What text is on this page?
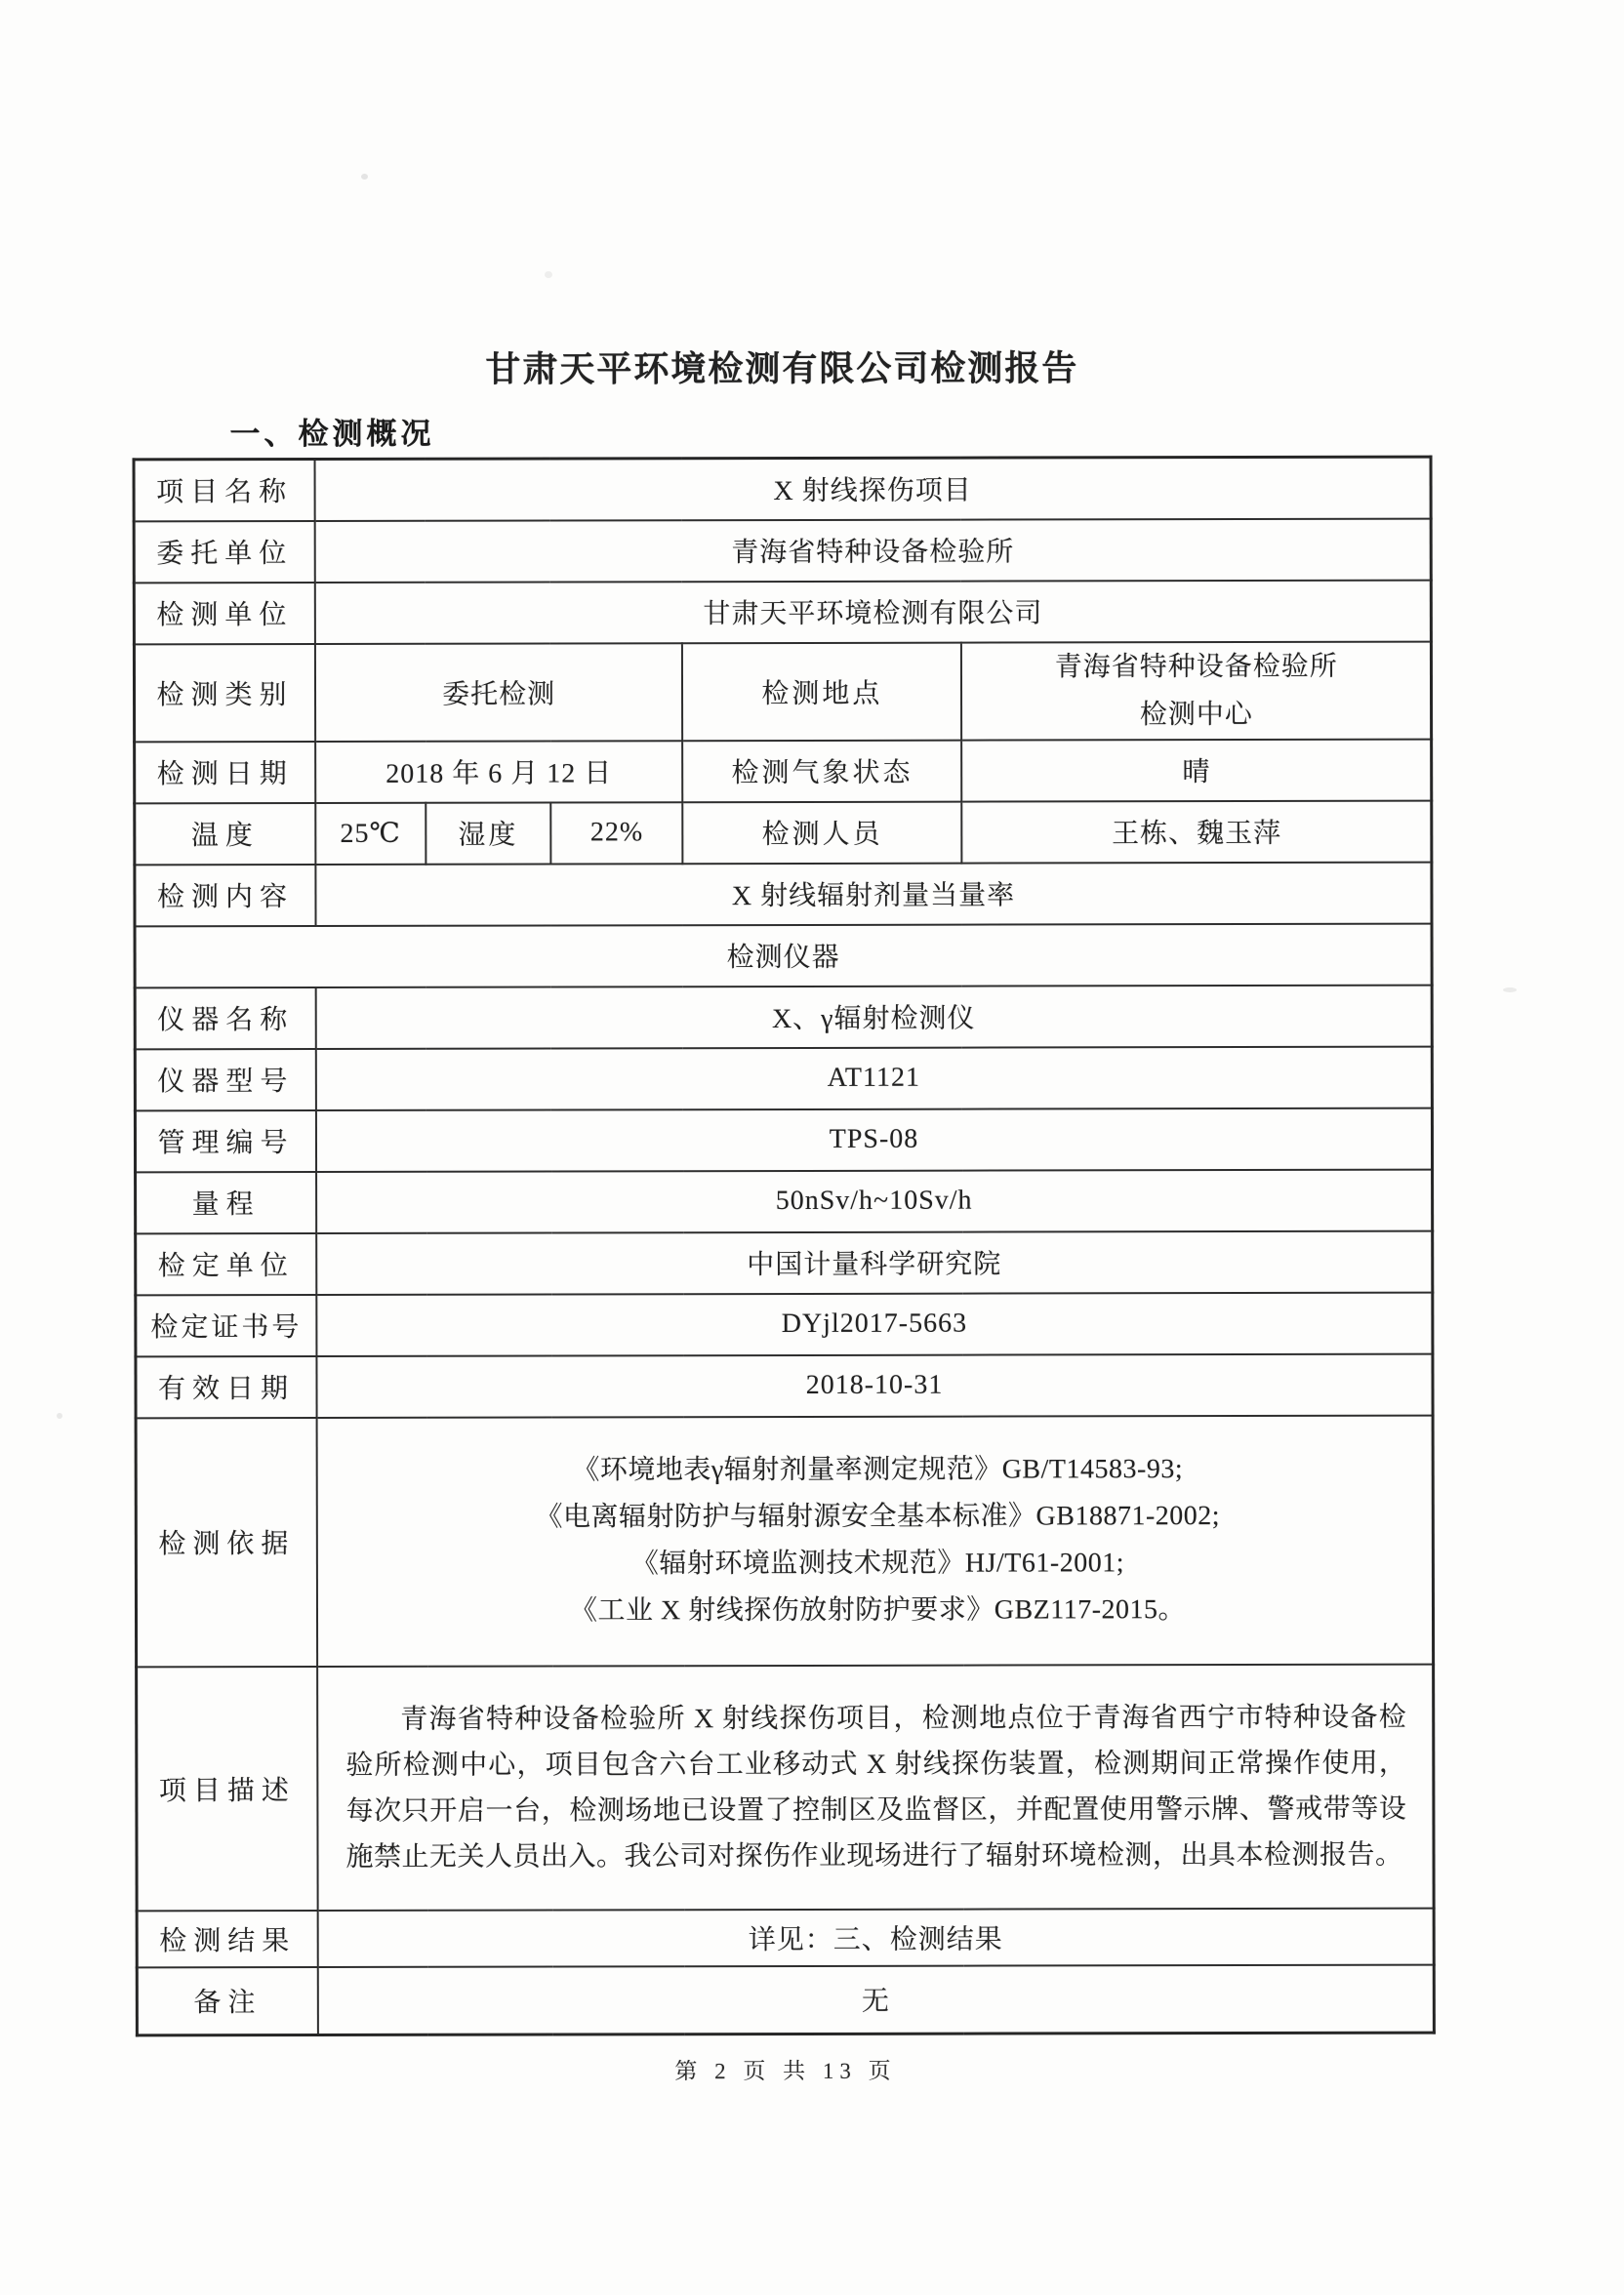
甘肃天平环境检测有限公司检测报告
一、检测概况
项目名称	X 射线探伤项目				
委托单位	青海省特种设备检验所				
检测单位	甘肃天平环境检测有限公司				
检测类别	委托检测			检测地点	青海省特种设备检验所
检测中心

检测日期	2018 年 6 月 12 日			检测气象状态	晴
温度	25℃	湿度	22%	检测人员	王栋、魏玉萍
检测内容	X 射线辐射剂量当量率				
检测仪器					
仪器名称	X、γ辐射检测仪				
仪器型号	AT1121				
管理编号	TPS-08				
量程	50nSv/h~10Sv/h				
检定单位	中国计量科学研究院				
检定证书号	DYjl2017-5663				
有效日期	2018-10-31				
检测依据	《环境地表γ辐射剂量率测定规范》GB/T14583-93;
《电离辐射防护与辐射源安全基本标准》GB18871-2002;
《辐射环境监测技术规范》HJ/T61-2001;
《工业 X 射线探伤放射防护要求》GBZ117-2015。				

项目描述	青海省特种设备检验所 X 射线探伤项目，检测地点位于青海省西宁市特种设备检验所检测中心，项目包含六台工业移动式 X 射线探伤装置，检测期间正常操作使用，每次只开启一台，检测场地已设置了控制区及监督区，并配置使用警示牌、警戒带等设施禁止无关人员出入。我公司对探伤作业现场进行了辐射环境检测，出具本检测报告。				

检测结果	详见：三、检测结果				
备注	无				
第 2 页 共 13 页
